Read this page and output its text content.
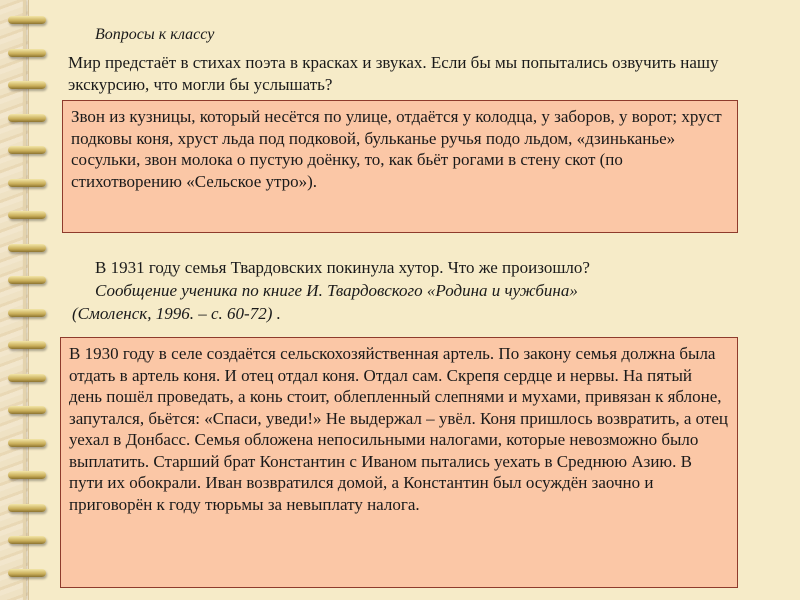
Вопросы к классу
Мир предстаёт в стихах поэта в красках и звуках. Если бы мы попытались озвучить нашу экскурсию, что могли бы услышать?
Звон из кузницы, который несётся по улице, отдаётся у колодца, у заборов, у ворот; хруст подковы коня, хруст льда под подковой, бульканье ручья подо льдом, «дзиньканье» сосульки, звон молока о пустую доёнку, то, как бьёт рогами в стену скот (по стихотворению «Сельское утро»).
В 1931 году семья Твардовских покинула хутор. Что же произошло?
Сообщение ученика по книге И. Твардовского «Родина и чужбина»
(Смоленск, 1996. – с. 60-72) .
В 1930 году в селе создаётся сельскохозяйственная артель. По закону семья должна была отдать в артель коня. И отец отдал коня. Отдал сам. Скрепя сердце и нервы. На пятый день пошёл проведать, а конь стоит, облепленный слепнями и мухами, привязан к яблоне, запутался, бьётся: «Спаси, уведи!» Не выдержал – увёл. Коня пришлось возвратить, а отец уехал в Донбасс. Семья обложена непосильными налогами, которые невозможно было выплатить. Старший брат Константин с Иваном пытались уехать в Среднюю Азию. В пути их обокрали. Иван возвратился домой, а Константин был осуждён заочно и приговорён к году тюрьмы за невыплату налога.
